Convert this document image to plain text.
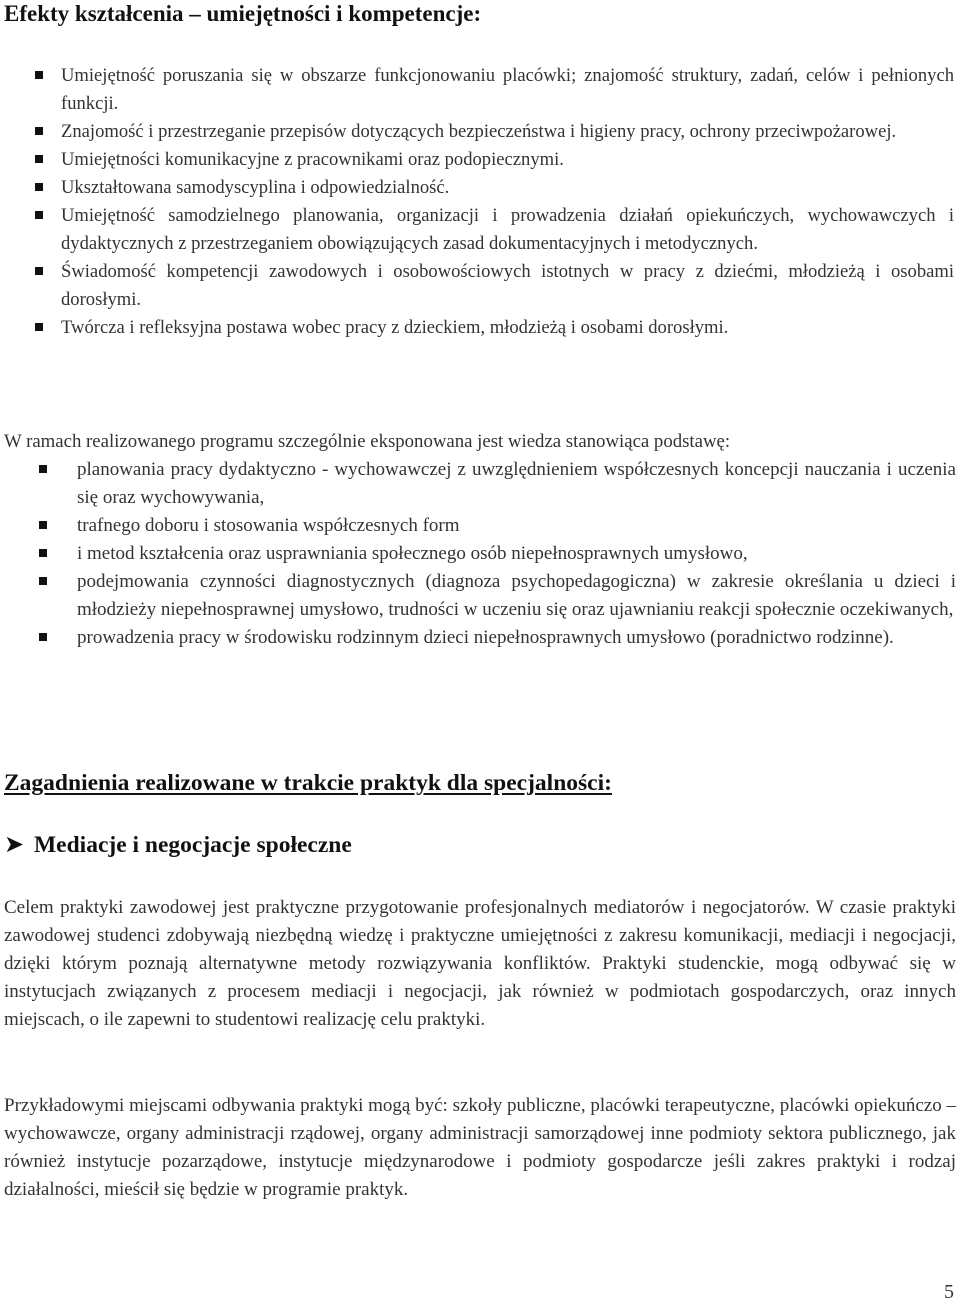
Efekty kształcenia – umiejętności i kompetencje:
Umiejętność poruszania się w obszarze funkcjonowaniu placówki; znajomość struktury, zadań, celów i pełnionych funkcji.
Znajomość i przestrzeganie przepisów dotyczących bezpieczeństwa i higieny pracy, ochrony przeciwpożarowej.
Umiejętności komunikacyjne z pracownikami oraz podopiecznymi.
Ukształtowana samodyscyplina i odpowiedzialność.
Umiejętność samodzielnego planowania, organizacji i prowadzenia działań opiekuńczych, wychowawczych i dydaktycznych z przestrzeganiem obowiązujących zasad dokumentacyjnych i metodycznych.
Świadomość kompetencji zawodowych i osobowościowych istotnych w pracy z dziećmi, młodzieżą i osobami dorosłymi.
Twórcza i refleksyjna postawa wobec pracy z dzieckiem, młodzieżą i osobami dorosłymi.

W ramach realizowanego programu szczególnie eksponowana jest wiedza stanowiąca podstawę:

planowania pracy dydaktyczno - wychowawczej z uwzględnieniem współczesnych koncepcji nauczania i uczenia się oraz wychowywania,
trafnego doboru i stosowania współczesnych form
i metod kształcenia oraz usprawniania społecznego osób niepełnosprawnych umysłowo,
podejmowania czynności diagnostycznych (diagnoza psychopedagogiczna) w zakresie określania u dzieci i młodzieży niepełnosprawnej umysłowo, trudności w uczeniu się oraz ujawnianiu reakcji społecznie oczekiwanych,
prowadzenia pracy w środowisku rodzinnym dzieci niepełnosprawnych umysłowo (poradnictwo rodzinne).
Zagadnienia realizowane w trakcie praktyk dla specjalności:
➤ Mediacje i negocjacje społeczne

Celem praktyki zawodowej jest praktyczne przygotowanie profesjonalnych mediatorów i negocjatorów. W czasie praktyki zawodowej studenci zdobywają niezbędną wiedzę i praktyczne umiejętności z zakresu komunikacji, mediacji i negocjacji, dzięki którym poznają alternatywne metody rozwiązywania konfliktów. Praktyki studenckie, mogą odbywać się w instytucjach związanych z procesem mediacji i negocjacji, jak również w podmiotach gospodarczych, oraz innych miejscach, o ile zapewni to studentowi realizację celu praktyki.

Przykładowymi miejscami odbywania praktyki mogą być: szkoły publiczne, placówki terapeutyczne, placówki opiekuńczo – wychowawcze, organy administracji rządowej, organy administracji samorządowej inne podmioty sektora publicznego, jak również instytucje pozarządowe, instytucje międzynarodowe i podmioty gospodarcze jeśli zakres praktyki i rodzaj działalności, mieścił się będzie w programie praktyk.

5
